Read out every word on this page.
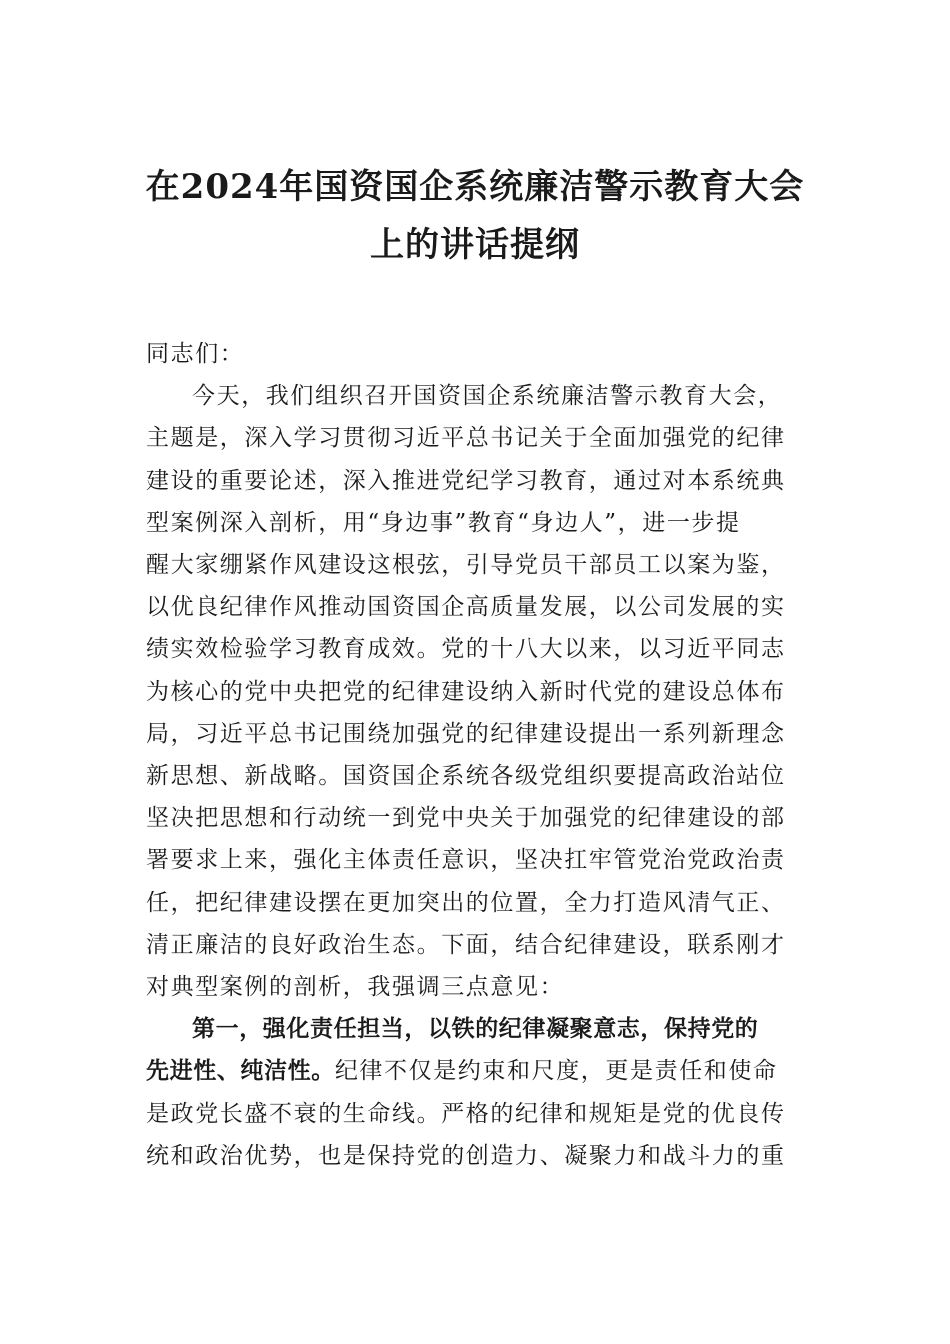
在2024年国资国企系统廉洁警示教育大会
上的讲话提纲
同志们：
今天，我们组织召开国资国企系统廉洁警示教育大会，
主题是，深入学习贯彻习近平总书记关于全面加强党的纪律
建设的重要论述，深入推进党纪学习教育，通过对本系统典
型案例深入剖析，用“身边事”教育“身边人”，进一步提
醒大家绷紧作风建设这根弦，引导党员干部员工以案为鉴，
以优良纪律作风推动国资国企高质量发展，以公司发展的实
绩实效检验学习教育成效。党的十八大以来，以习近平同志
为核心的党中央把党的纪律建设纳入新时代党的建设总体布
局，习近平总书记围绕加强党的纪律建设提出一系列新理念
新思想、新战略。国资国企系统各级党组织要提高政治站位
坚决把思想和行动统一到党中央关于加强党的纪律建设的部
署要求上来，强化主体责任意识，坚决扛牢管党治党政治责
任，把纪律建设摆在更加突出的位置，全力打造风清气正、
清正廉洁的良好政治生态。下面，结合纪律建设，联系刚才
对典型案例的剖析，我强调三点意见：
第一，强化责任担当，以铁的纪律凝聚意志，保持党的
先进性、纯洁性。纪律不仅是约束和尺度，更是责任和使命
是政党长盛不衰的生命线。严格的纪律和规矩是党的优良传
统和政治优势，也是保持党的创造力、凝聚力和战斗力的重
